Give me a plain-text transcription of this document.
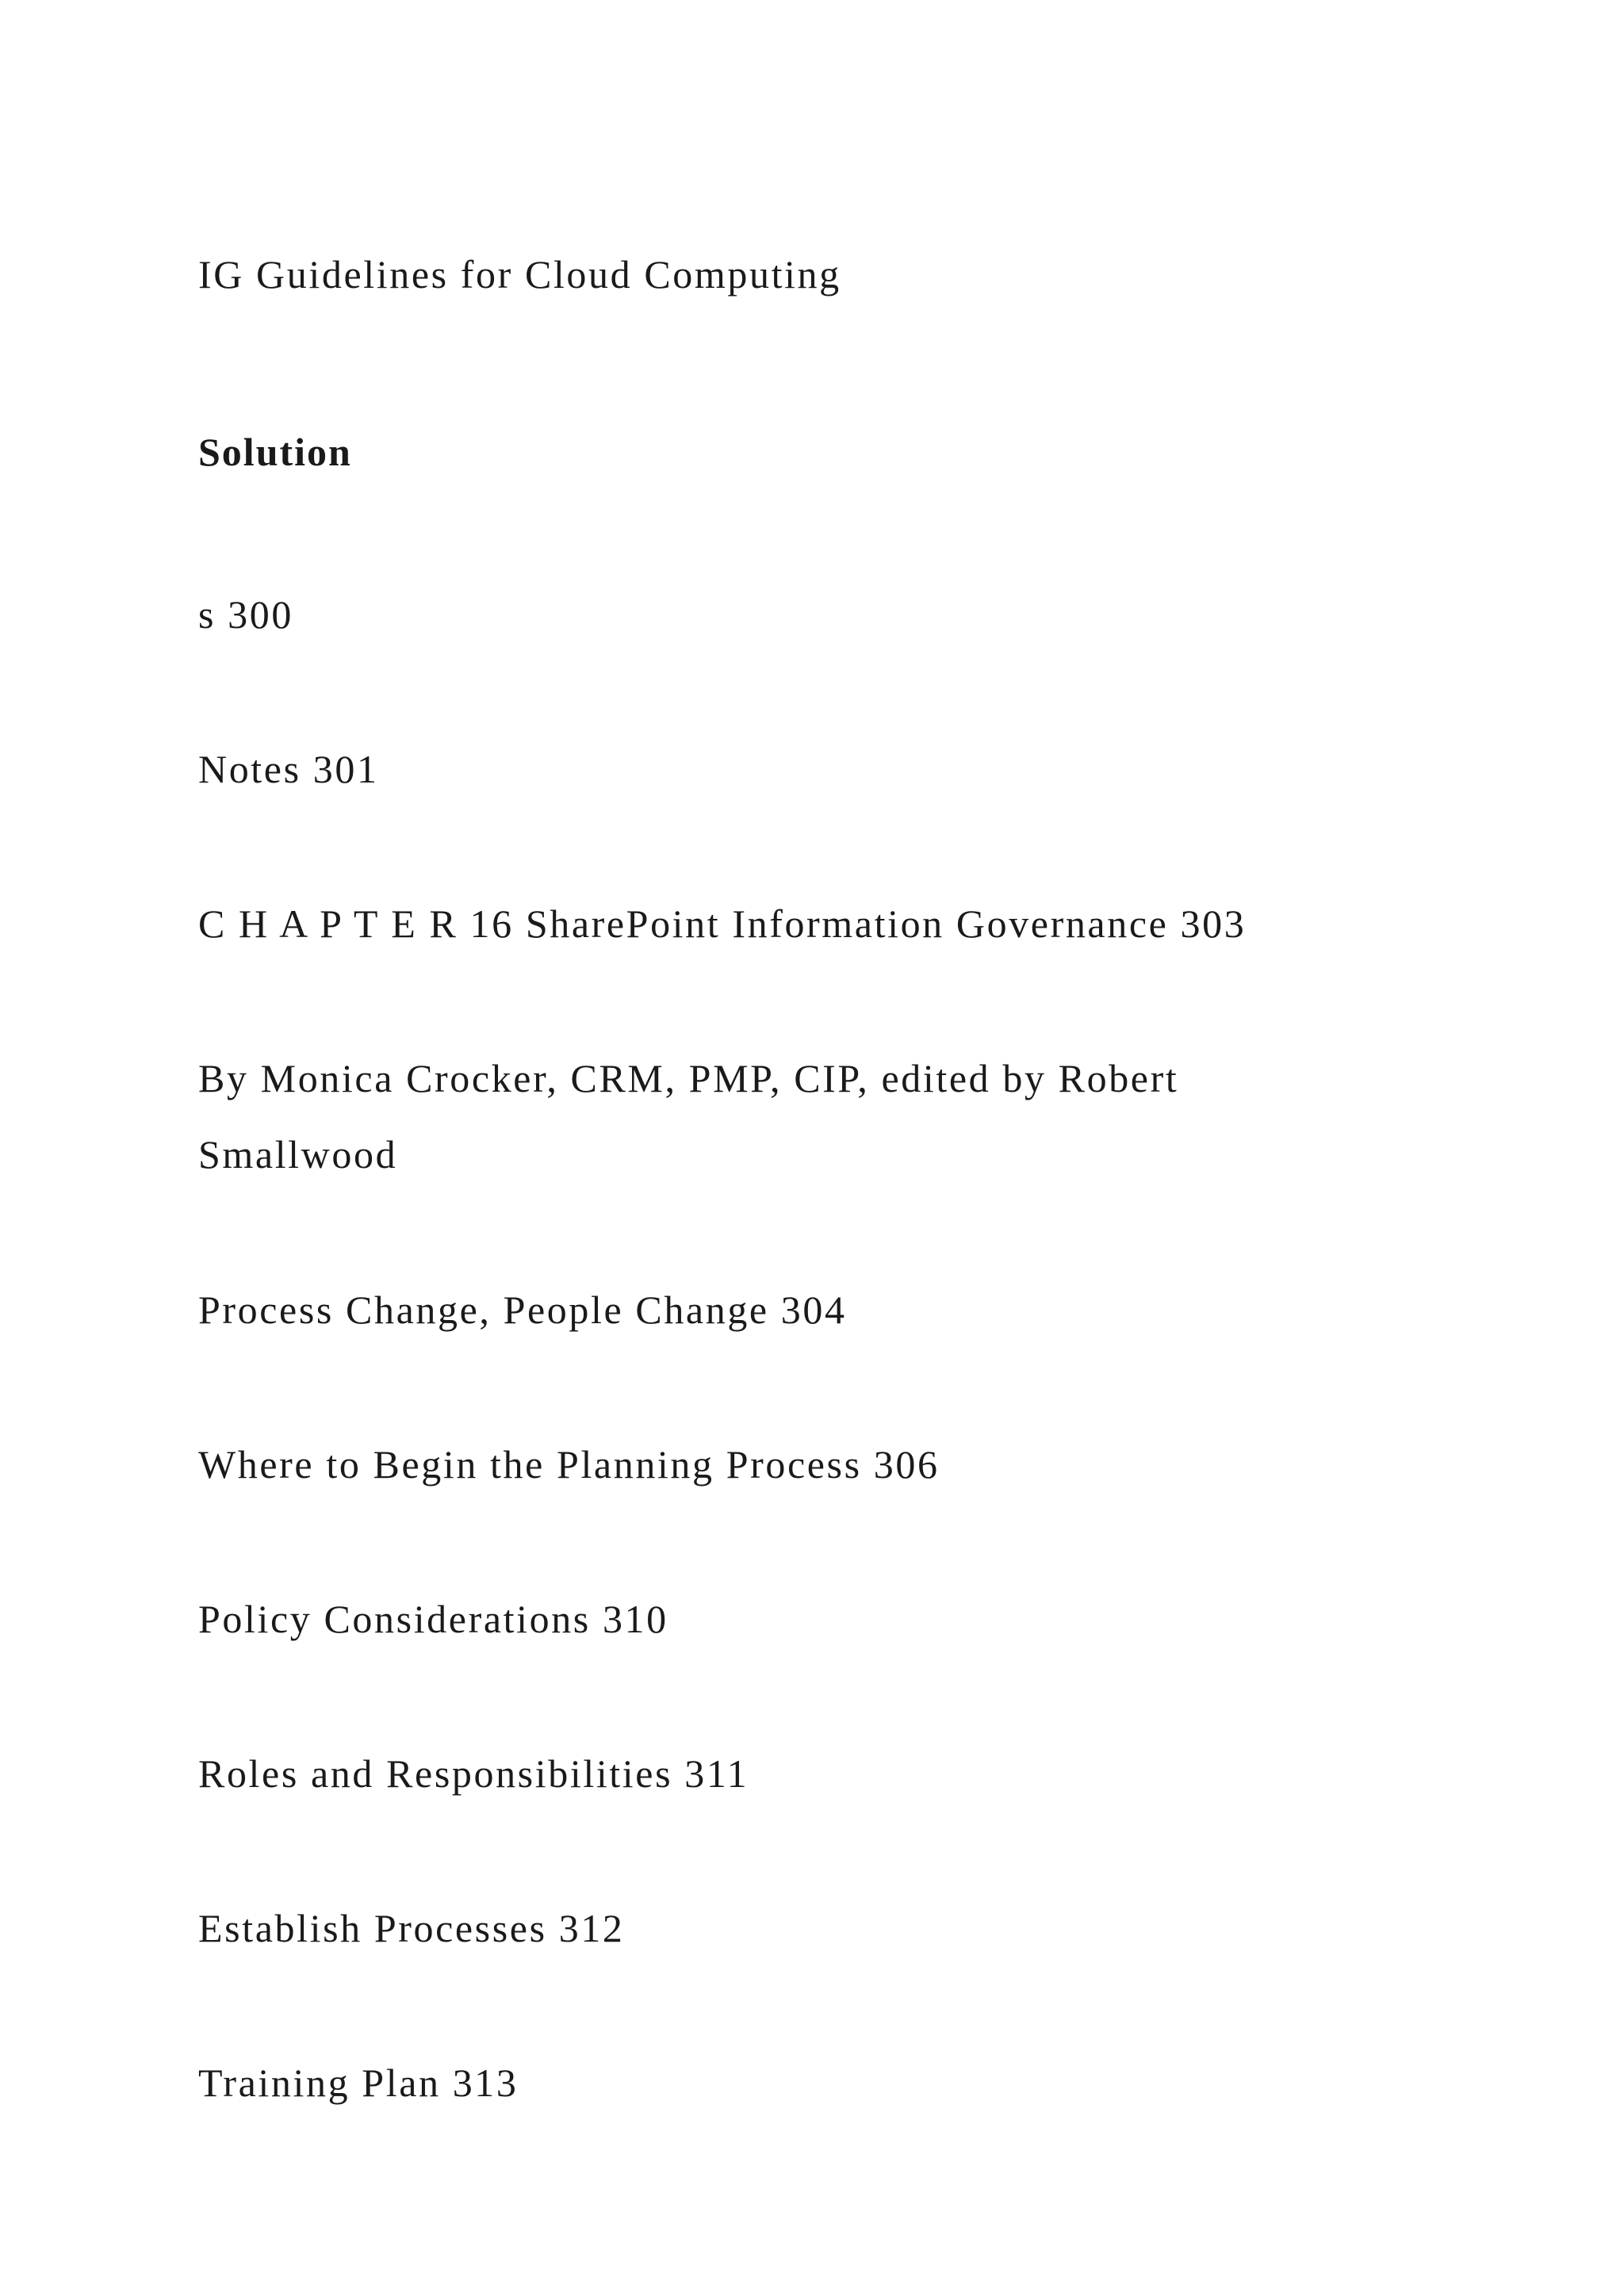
IG Guidelines for Cloud Computing

Solution

s 300

Notes 301

C H A P T E R 16 SharePoint Information Governance 303

By Monica Crocker, CRM, PMP, CIP, edited by Robert Smallwood

Process Change, People Change 304

Where to Begin the Planning Process 306

Policy Considerations 310

Roles and Responsibilities 311

Establish Processes 312

Training Plan 313
